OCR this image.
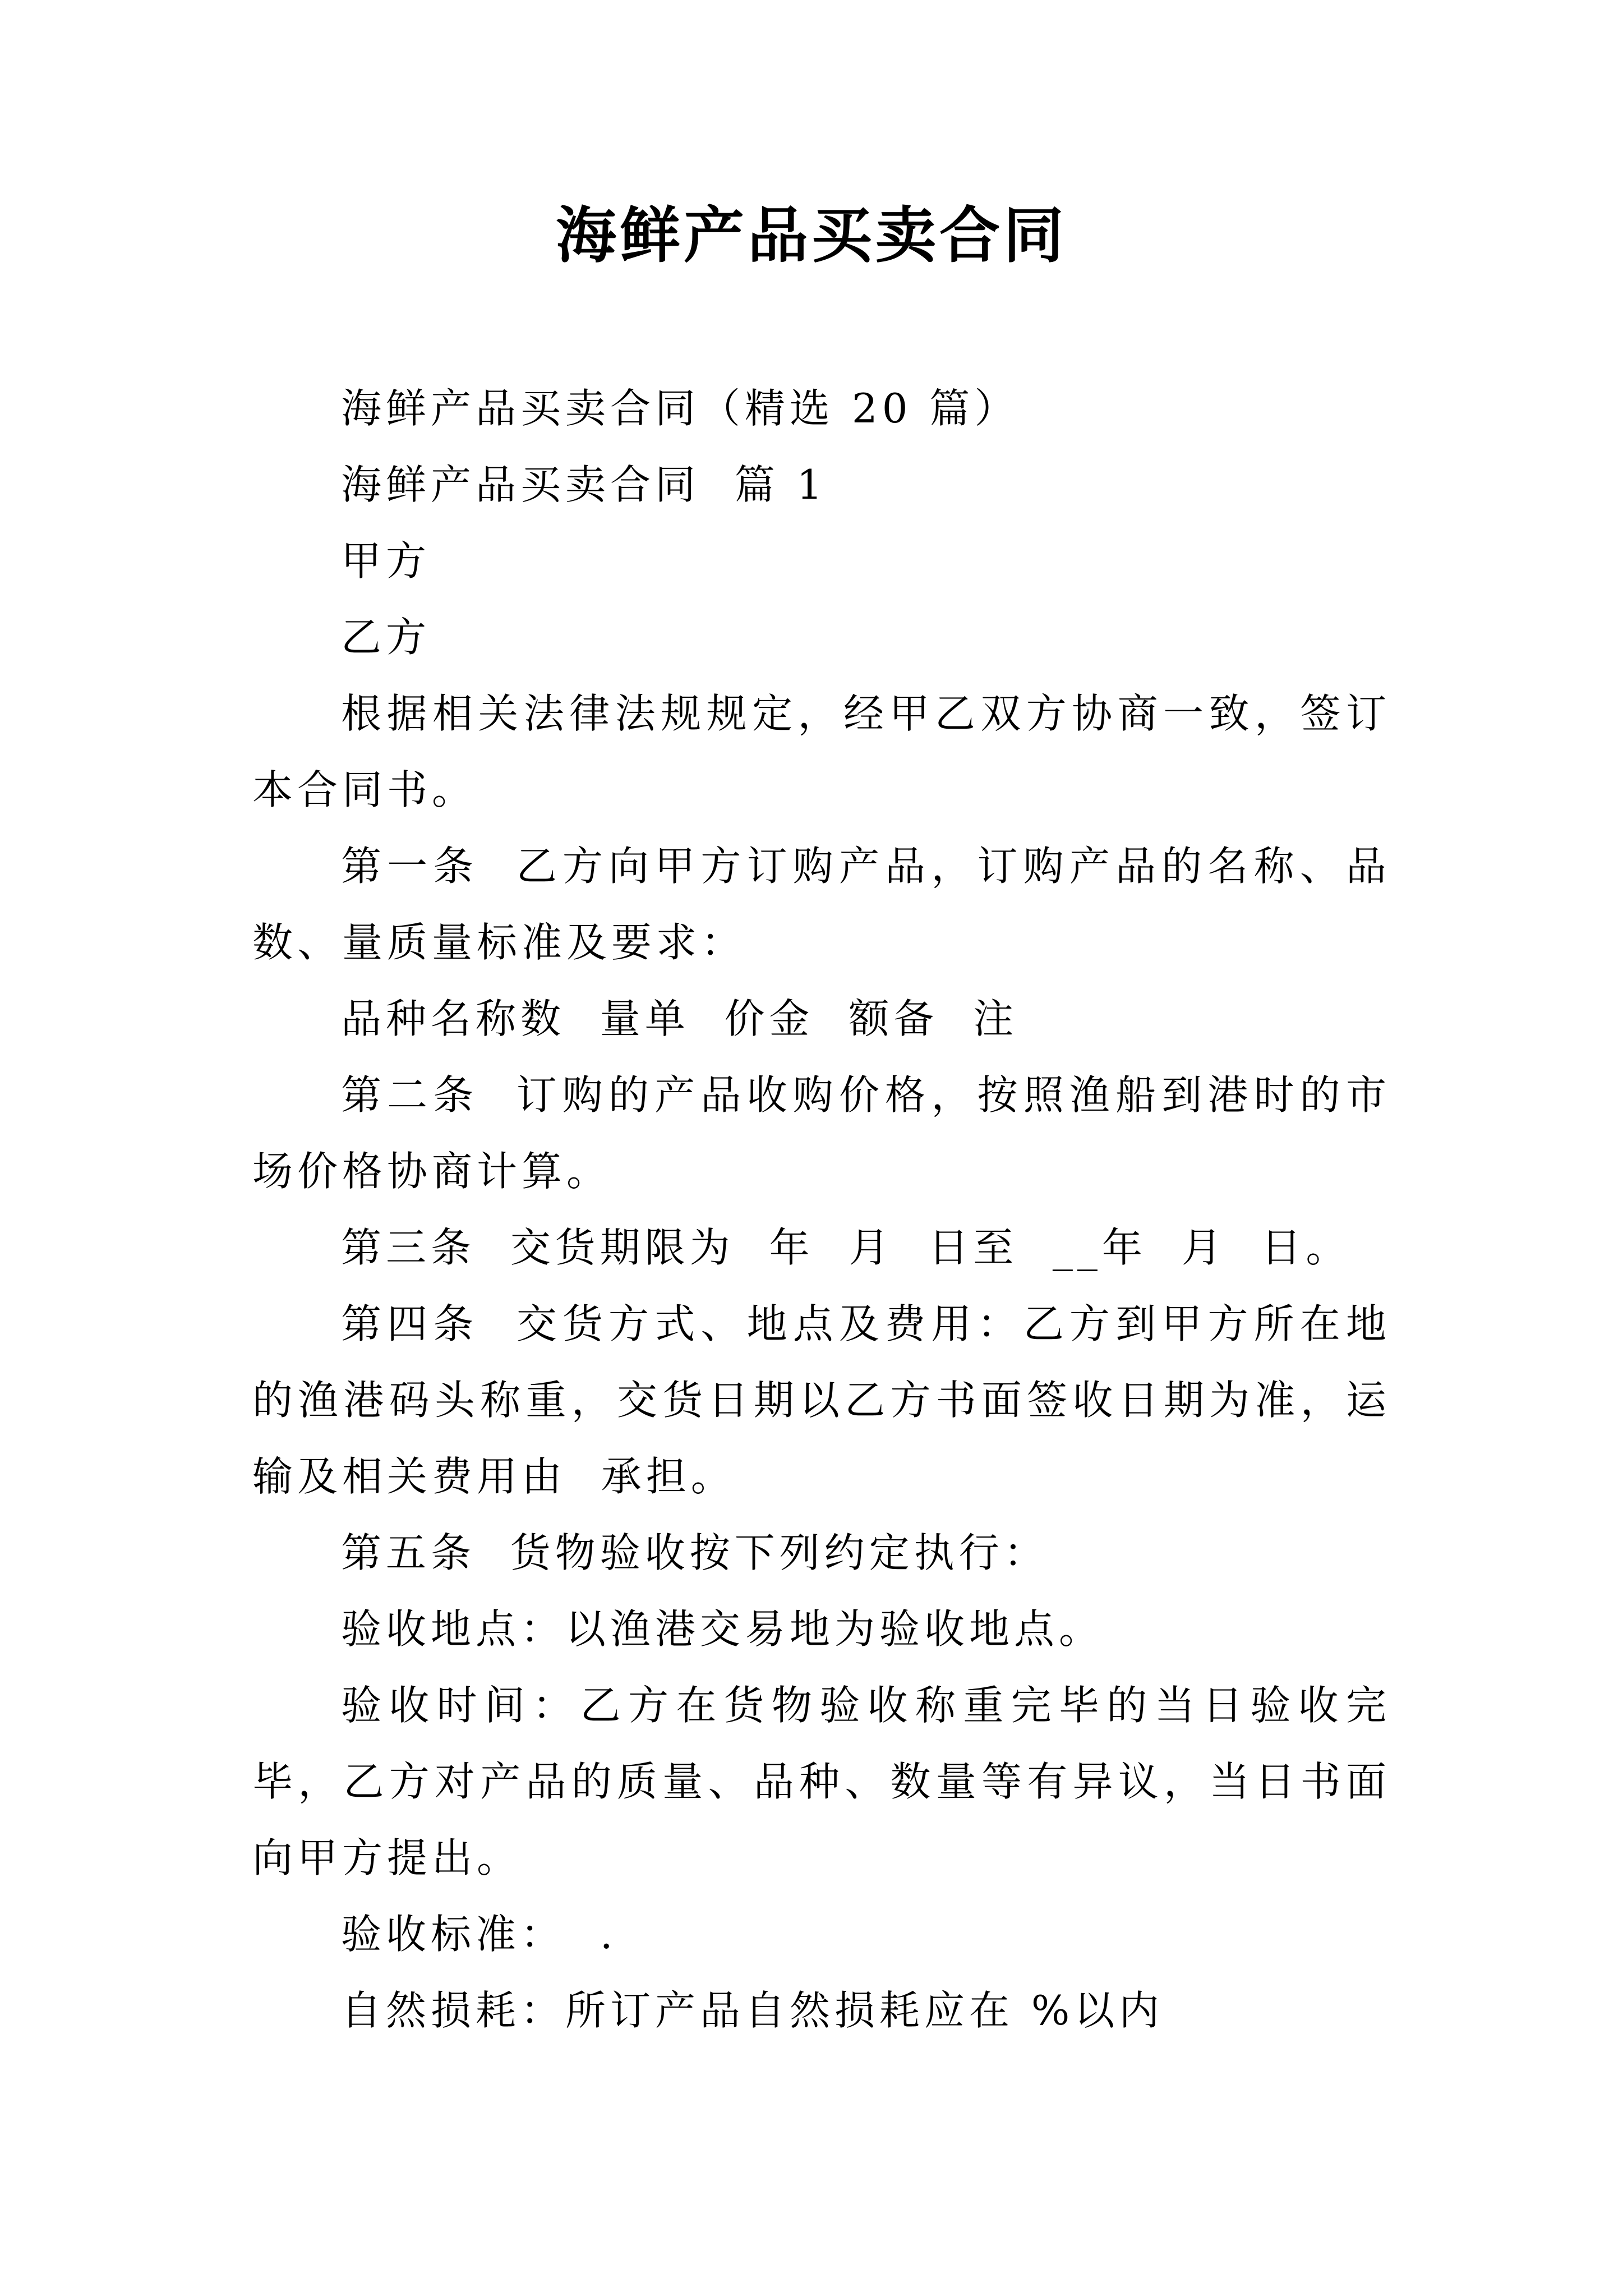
海鲜产品买卖合同

海鲜产品买卖合同（精选 20 篇）

海鲜产品买卖合同  篇 1

甲方

乙方

根据相关法律法规规定，经甲乙双方协商一致，签订本合同书。

第一条  乙方向甲方订购产品，订购产品的名称、品数、量质量标准及要求：

品种名称数  量单  价金  额备  注

第二条  订购的产品收购价格，按照渔船到港时的市场价格协商计算。

第三条  交货期限为  年  月  日至  __年  月  日。

第四条  交货方式、地点及费用：乙方到甲方所在地的渔港码头称重，交货日期以乙方书面签收日期为准，运输及相关费用由  承担。

第五条  货物验收按下列约定执行：

验收地点：以渔港交易地为验收地点。

验收时间：乙方在货物验收称重完毕的当日验收完毕，乙方对产品的质量、品种、数量等有异议，当日书面向甲方提出。

验收标准：  .

自然损耗：所订产品自然损耗应在 %以内
